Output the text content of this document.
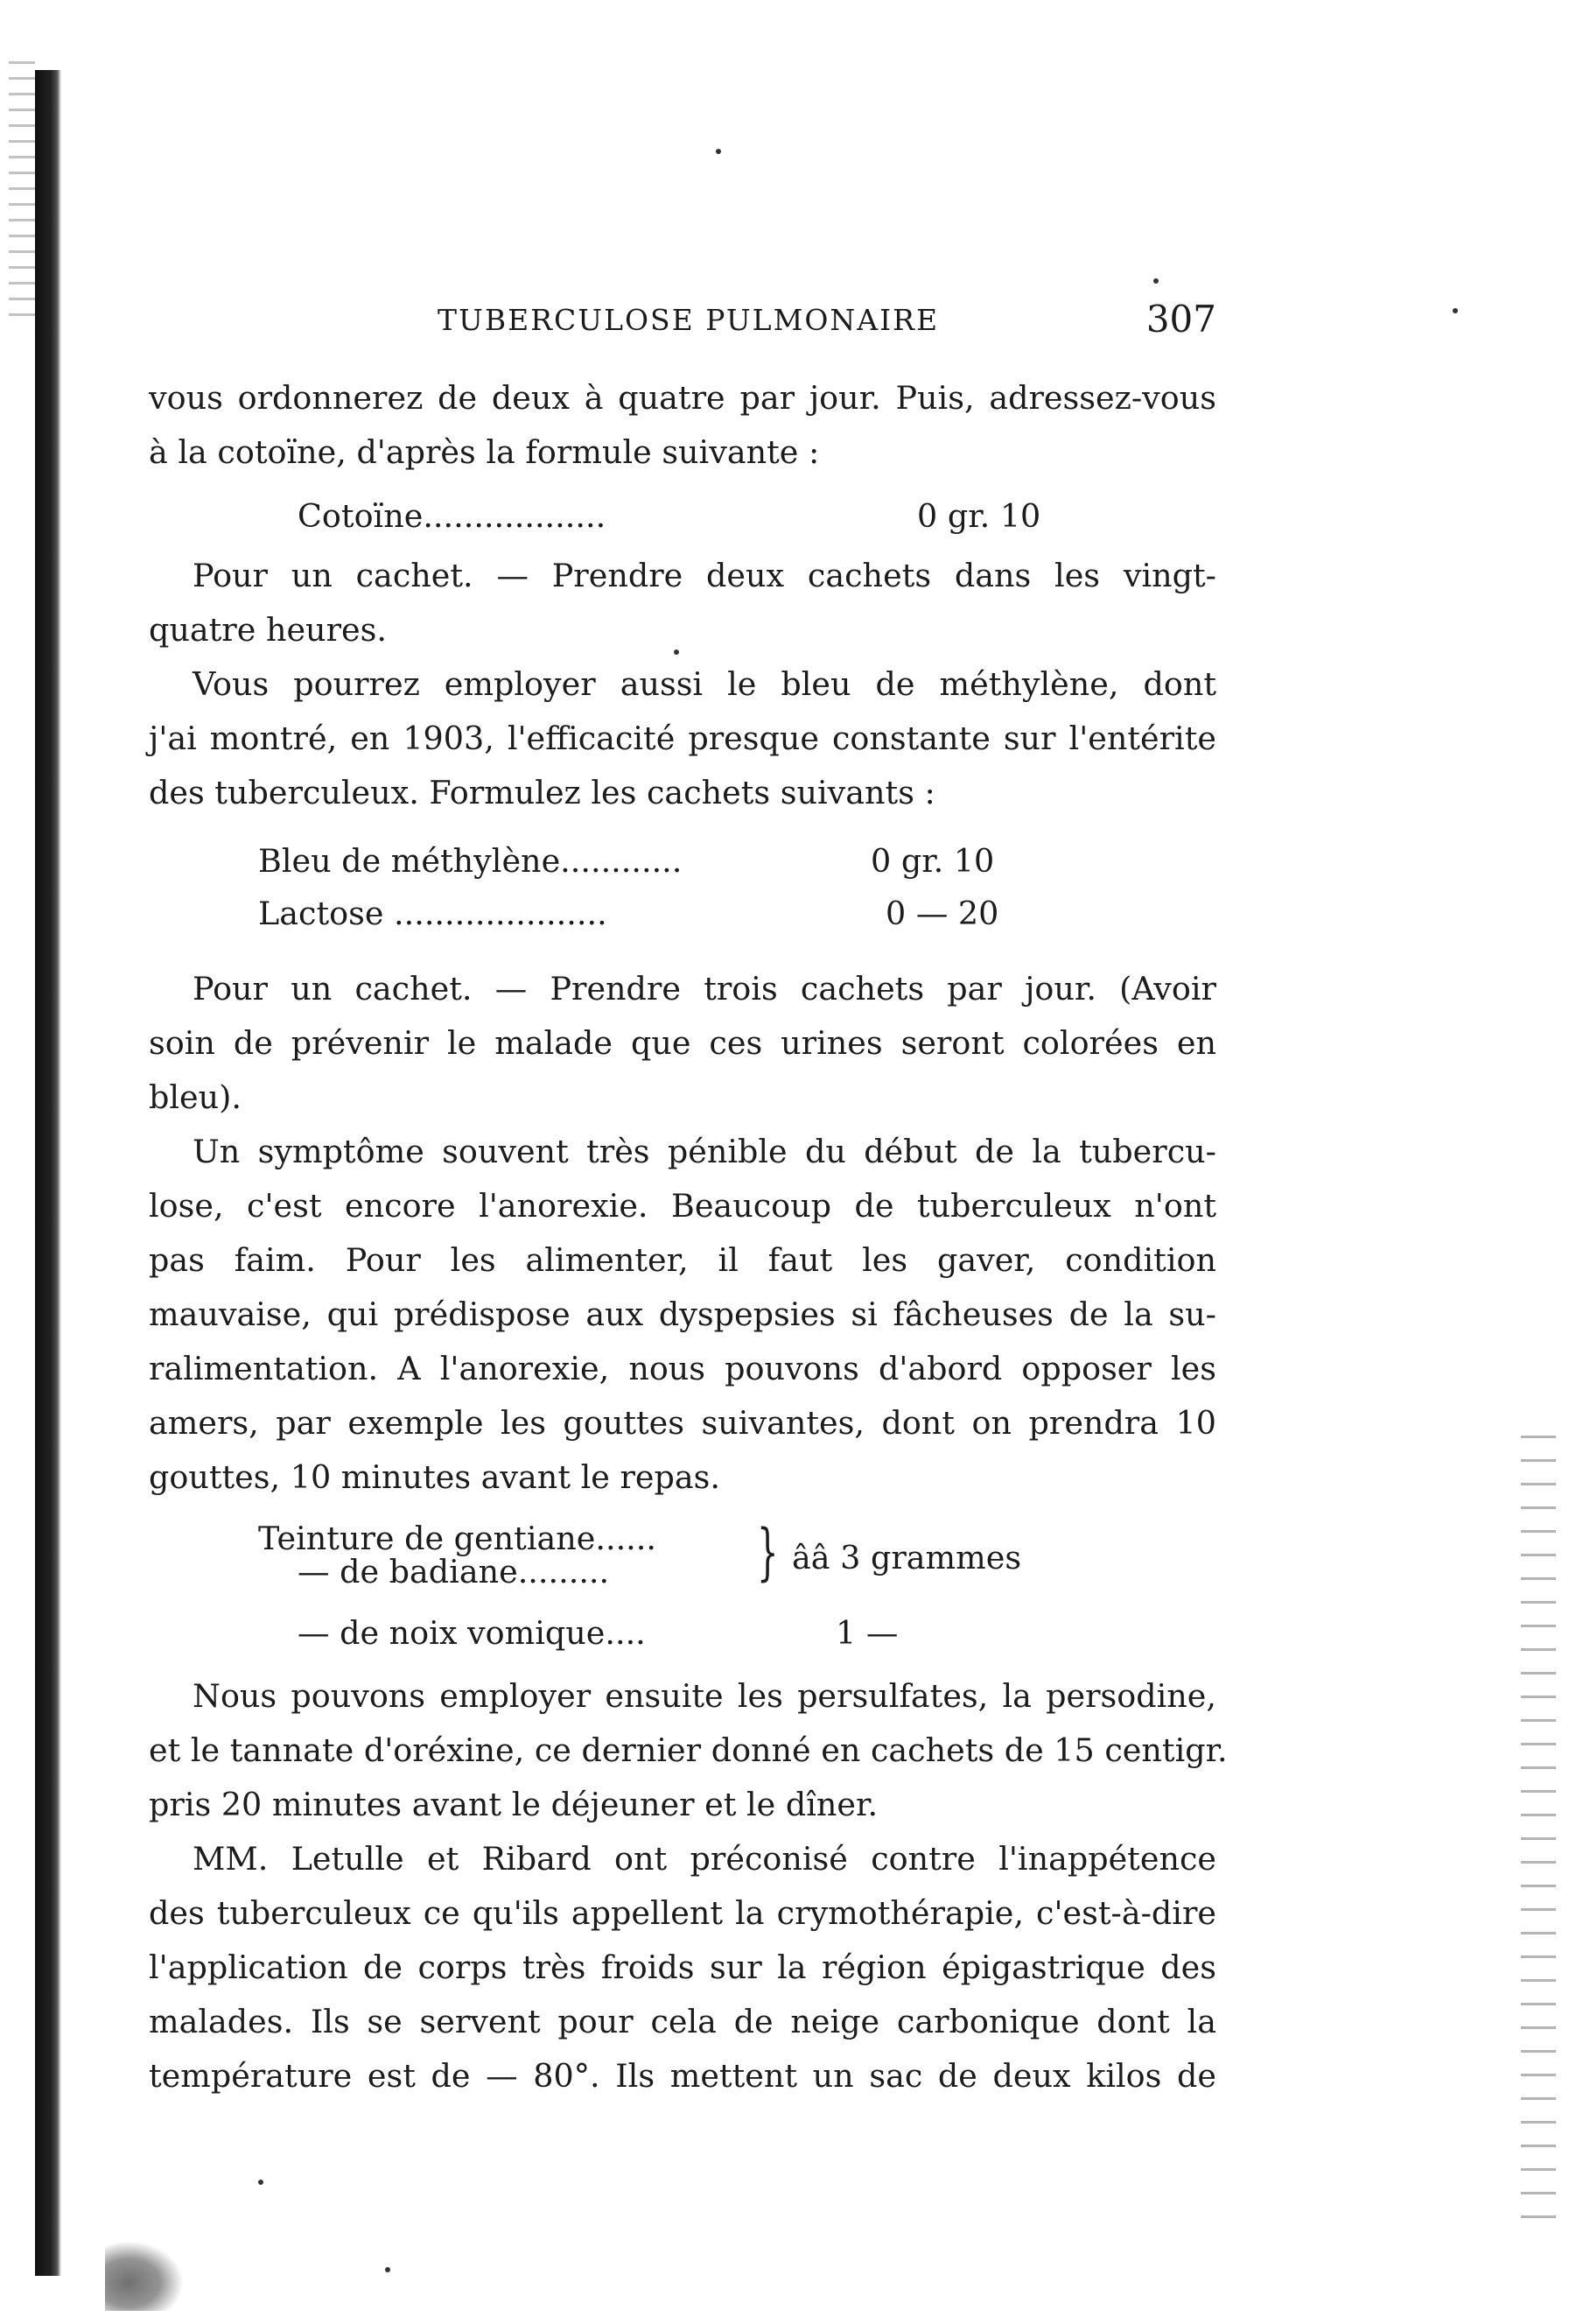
TUBERCULOSE PULMONAIRE	307
vous ordonnerez de deux à quatre par jour. Puis, adressez-vous
à la cotoïne, d'après la formule suivante :
Cotoïne..................	0 gr. 10
Pour un cachet. — Prendre deux cachets dans les vingt-
quatre heures.
Vous pourrez employer aussi le bleu de méthylène, dont
j'ai montré, en 1903, l'efficacité presque constante sur l'entérite
des tuberculeux. Formulez les cachets suivants :
Bleu de méthylène............	0 gr. 10
Lactose .....................	0 — 20
Pour un cachet. — Prendre trois cachets par jour. (Avoir
soin de prévenir le malade que ces urines seront colorées en
bleu).
Un symptôme souvent très pénible du début de la tubercu-
lose, c'est encore l'anorexie. Beaucoup de tuberculeux n'ont
pas faim. Pour les alimenter, il faut les gaver, condition
mauvaise, qui prédispose aux dyspepsies si fâcheuses de la su-
ralimentation. A l'anorexie, nous pouvons d'abord opposer les
amers, par exemple les gouttes suivantes, dont on prendra 10
gouttes, 10 minutes avant le repas.
Teinture de gentiane......
— de badiane......... } ââ 3 grammes
— de noix vomique....	1 —
Nous pouvons employer ensuite les persulfates, la persodine,
et le tannate d'oréxine, ce dernier donné en cachets de 15 centigr.
pris 20 minutes avant le déjeuner et le dîner.
MM. Letulle et Ribard ont préconisé contre l'inappétence
des tuberculeux ce qu'ils appellent la crymothérapie, c'est-à-dire
l'application de corps très froids sur la région épigastrique des
malades. Ils se servent pour cela de neige carbonique dont la
température est de — 80°. Ils mettent un sac de deux kilos de
